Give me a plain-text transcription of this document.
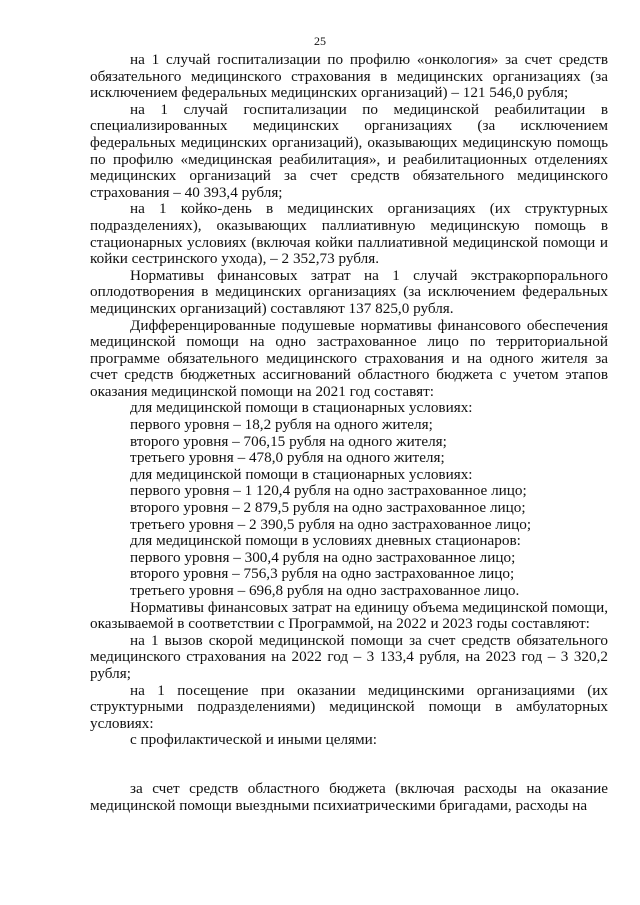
25

на 1 случай госпитализации по профилю «онкология» за счет средств обязательного медицинского страхования в медицинских организациях (за исключением федеральных медицинских организаций) – 121 546,0 рубля;

на 1 случай госпитализации по медицинской реабилитации в специализированных медицинских организациях (за исключением федеральных медицинских организаций), оказывающих медицинскую помощь по профилю «медицинская реабилитация», и реабилитационных отделениях медицинских организаций за счет средств обязательного медицинского страхования – 40 393,4 рубля;

на 1 койко-день в медицинских организациях (их структурных подразделениях), оказывающих паллиативную медицинскую помощь в стационарных условиях (включая койки паллиативной медицинской помощи и койки сестринского ухода), – 2 352,73 рубля.

Нормативы финансовых затрат на 1 случай экстракорпорального оплодотворения в медицинских организациях (за исключением федеральных медицинских организаций) составляют 137 825,0 рубля.

Дифференцированные подушевые нормативы финансового обеспечения медицинской помощи на одно застрахованное лицо по территориальной программе обязательного медицинского страхования и на одного жителя за счет средств бюджетных ассигнований областного бюджета с учетом этапов оказания медицинской помощи на 2021 год составят:

для медицинской помощи в стационарных условиях:

первого уровня – 18,2 рубля на одного жителя;

второго уровня – 706,15 рубля на одного жителя;

третьего уровня – 478,0 рубля на одного жителя;

для медицинской помощи в стационарных условиях:

первого уровня – 1 120,4 рубля на одно застрахованное лицо;

второго уровня – 2 879,5 рубля на одно застрахованное лицо;

третьего уровня – 2 390,5 рубля на одно застрахованное лицо;

для медицинской помощи в условиях дневных стационаров:

первого уровня – 300,4 рубля на одно застрахованное лицо;

второго уровня – 756,3 рубля на одно застрахованное лицо;

третьего уровня – 696,8 рубля на одно застрахованное лицо.

Нормативы финансовых затрат на единицу объема медицинской помощи, оказываемой в соответствии с Программой, на 2022 и 2023 годы составляют:

на 1 вызов скорой медицинской помощи за счет средств обязательного медицинского страхования на 2022 год – 3 133,4 рубля, на 2023 год – 3 320,2 рубля;

на 1 посещение при оказании медицинскими организациями (их структурными подразделениями) медицинской помощи в амбулаторных условиях:

с профилактической и иными целями:

за счет средств областного бюджета (включая расходы на оказание медицинской помощи выездными психиатрическими бригадами, расходы на
